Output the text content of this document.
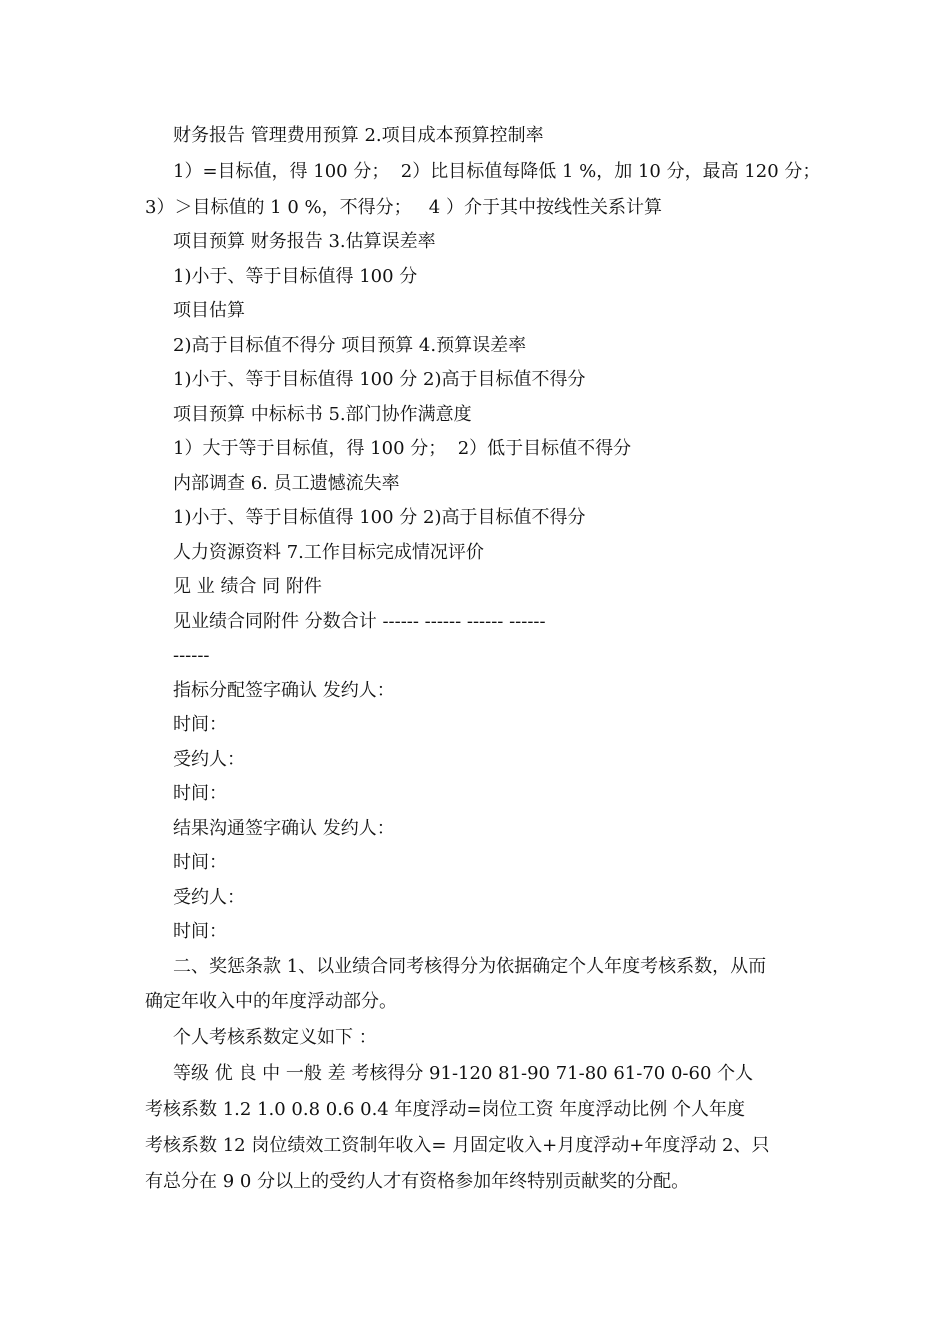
财务报告 管理费用预算 2.项目成本预算控制率
1）=目标值，得 100 分；  2）比目标值每降低 1 %，加 10 分，最高 120 分；
3）＞目标值的 1 0 %，不得分；   4 ）介于其中按线性关系计算
项目预算 财务报告 3.估算误差率
1)小于、等于目标值得 100 分
项目估算
2)高于目标值不得分 项目预算 4.预算误差率
1)小于、等于目标值得 100 分 2)高于目标值不得分
项目预算 中标标书 5.部门协作满意度
1）大于等于目标值，得 100 分；  2）低于目标值不得分
内部调查 6. 员工遗憾流失率
1)小于、等于目标值得 100 分 2)高于目标值不得分
人力资源资料 7.工作目标完成情况评价
见 业 绩合 同 附件
见业绩合同附件 分数合计 ------ ------ ------ ------
------
指标分配签字确认 发约人：
时间：
受约人：
时间：
结果沟通签字确认 发约人：
时间：
受约人：
时间：
二、奖惩条款 1、以业绩合同考核得分为依据确定个人年度考核系数，从而
确定年收入中的年度浮动部分。
个人考核系数定义如下 ：
等级 优 良 中 一般 差 考核得分 91-120 81-90 71-80 61-70 0-60 个人
考核系数 1.2 1.0 0.8 0.6 0.4 年度浮动=岗位工资 年度浮动比例 个人年度
考核系数 12 岗位绩效工资制年收入= 月固定收入+月度浮动+年度浮动 2、只
有总分在 9 0 分以上的受约人才有资格参加年终特别贡献奖的分配。
